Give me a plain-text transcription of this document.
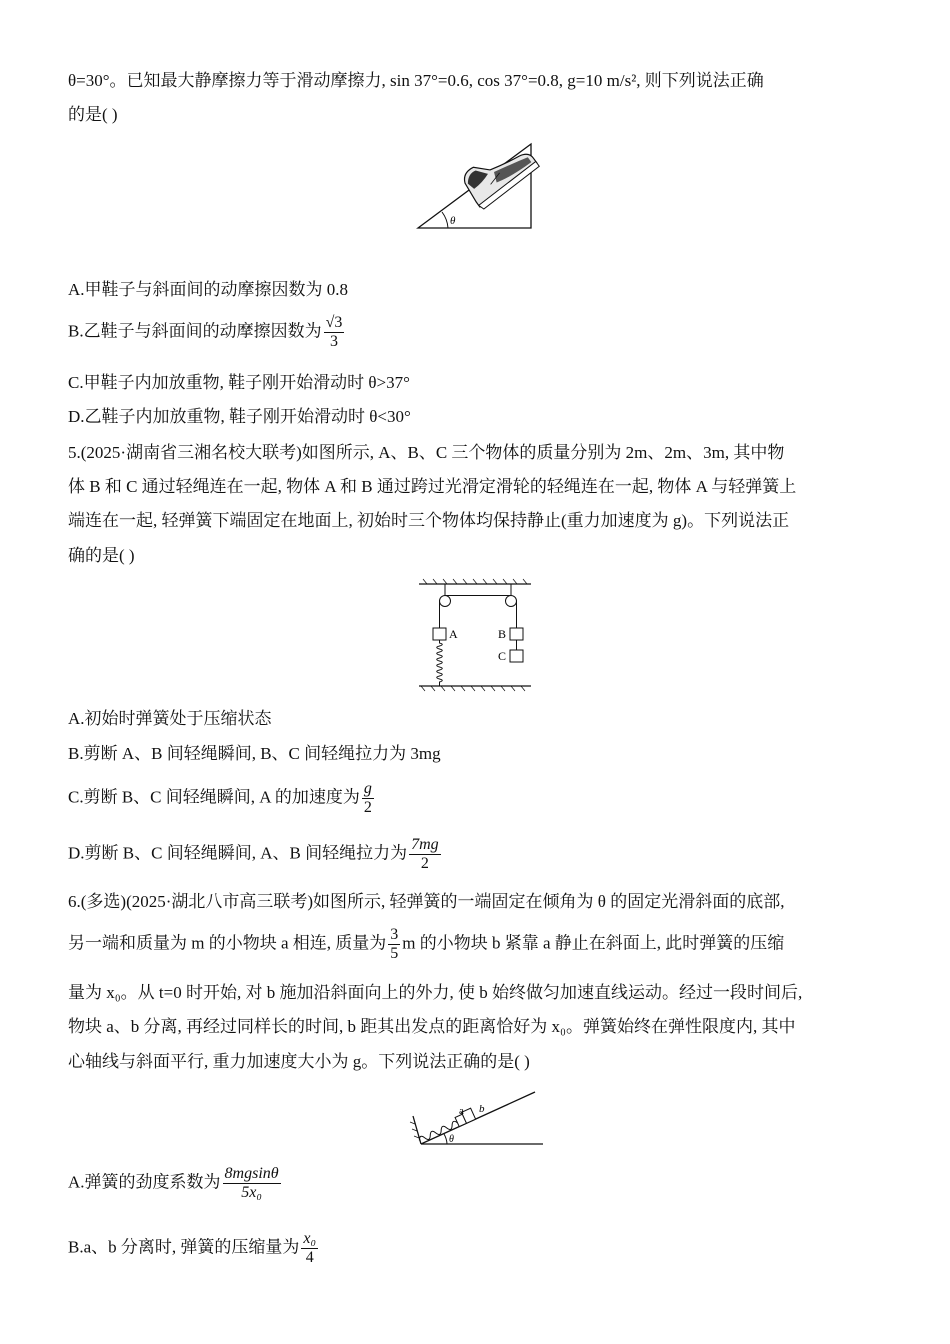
θ=30°。已知最大静摩擦力等于滑动摩擦力, sin 37°=0.6, cos 37°=0.8, g=10 m/s², 则下列说法正确
的是( )
θ
A.甲鞋子与斜面间的动摩擦因数为 0.8
B.乙鞋子与斜面间的动摩擦因数为 $\frac{√3}{3}$
C.甲鞋子内加放重物, 鞋子刚开始滑动时 θ>37°
D.乙鞋子内加放重物, 鞋子刚开始滑动时 θ<30°
5.(2025·湖南省三湘名校大联考)如图所示, A、B、C 三个物体的质量分别为 2m、2m、3m, 其中物
体 B 和 C 通过轻绳连在一起, 物体 A 和 B 通过跨过光滑定滑轮的轻绳连在一起, 物体 A 与轻弹簧上
端连在一起, 轻弹簧下端固定在地面上, 初始时三个物体均保持静止(重力加速度为 g)。下列说法正
确的是( )
A	B
C
A.初始时弹簧处于压缩状态
B.剪断 A、B 间轻绳瞬间, B、C 间轻绳拉力为 3mg
C.剪断 B、C 间轻绳瞬间, A 的加速度为 $\frac{g}{2}$
D.剪断 B、C 间轻绳瞬间, A、B 间轻绳拉力为 $\frac{7mg}{2}$
6.(多选)(2025·湖北八市高三联考)如图所示, 轻弹簧的一端固定在倾角为 θ 的固定光滑斜面的底部,
另一端和质量为 m 的小物块 a 相连, 质量为 $\frac{3}{5}$ m 的小物块 b 紧靠 a 静止在斜面上, 此时弹簧的压缩
量为 x₀。从 t=0 时开始, 对 b 施加沿斜面向上的外力, 使 b 始终做匀加速直线运动。经过一段时间后,
物块 a、b 分离, 再经过同样长的时间, b 距其出发点的距离恰好为 x₀。弹簧始终在弹性限度内, 其中
心轴线与斜面平行, 重力加速度大小为 g。下列说法正确的是( )
θ
a b
A.弹簧的劲度系数为 $\frac{8mgsin\theta}{\text{5x₀}}$
B.a、b 分离时, 弹簧的压缩量为 $\frac{\text{x₀}}{4}$
